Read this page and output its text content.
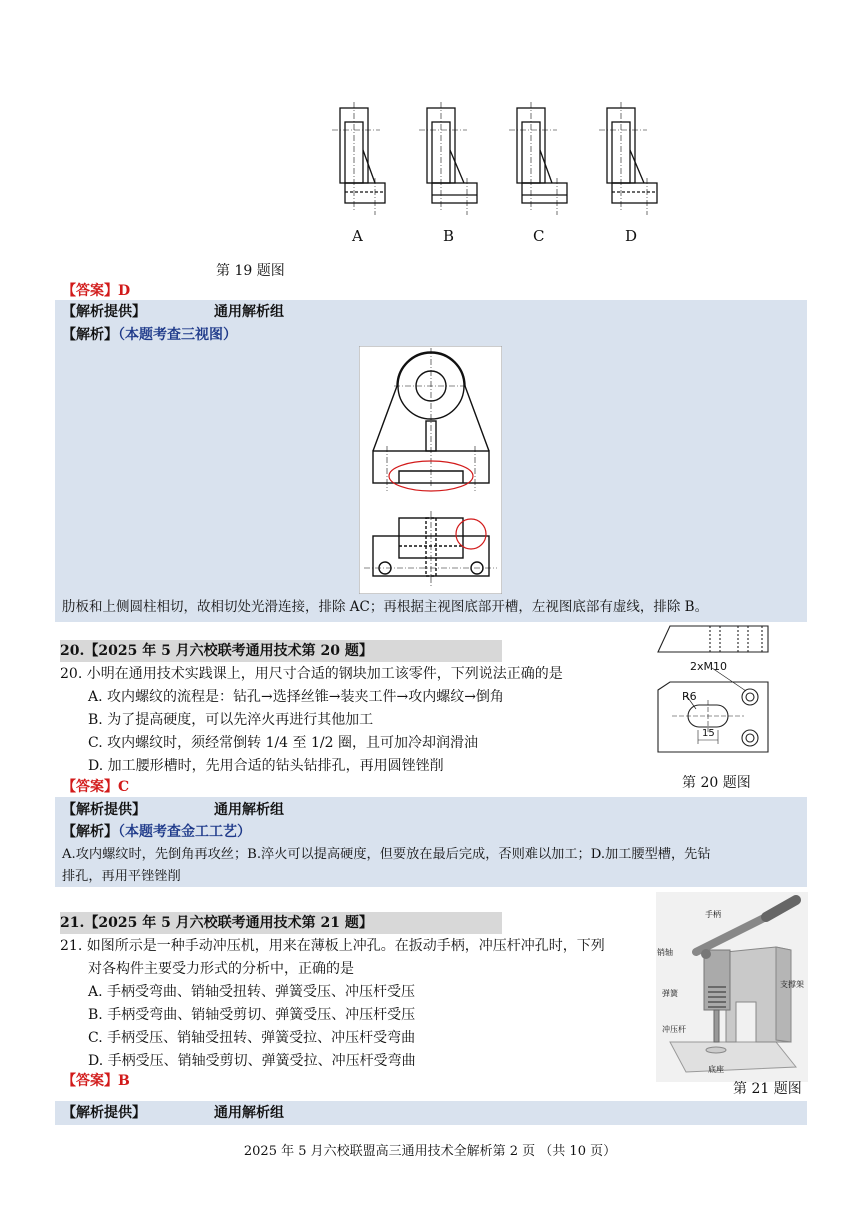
A	B	C	D
第 19 题图
【答案】D
【解析提供】	通用解析组
【解析】（本题考查三视图）
肋板和上侧圆柱相切，故相切处光滑连接，排除 AC；再根据主视图底部开槽，左视图底部有虚线，排除 B。
20.【2025 年 5 月六校联考通用技术第 20 题】
20. 小明在通用技术实践课上，用尺寸合适的钢块加工该零件，下列说法正确的是
A. 攻内螺纹的流程是：钻孔→选择丝锥→装夹工件→攻内螺纹→倒角
B. 为了提高硬度，可以先淬火再进行其他加工
C. 攻内螺纹时，须经常倒转 1/4 至 1/2 圈，且可加冷却润滑油
D. 加工腰形槽时，先用合适的钻头钻排孔，再用圆锉锉削
2xM10
R6
15
第 20 题图
【答案】C
【解析提供】	通用解析组
【解析】（本题考查金工工艺）
A.攻内螺纹时，先倒角再攻丝；B.淬火可以提高硬度，但要放在最后完成，否则难以加工；D.加工腰型槽，先钻
排孔，再用平锉锉削
21.【2025 年 5 月六校联考通用技术第 21 题】
21. 如图所示是一种手动冲压机，用来在薄板上冲孔。在扳动手柄，冲压杆冲孔时，下列
对各构件主要受力形式的分析中，正确的是
A. 手柄受弯曲、销轴受扭转、弹簧受压、冲压杆受压
B. 手柄受弯曲、销轴受剪切、弹簧受压、冲压杆受压
C. 手柄受压、销轴受扭转、弹簧受拉、冲压杆受弯曲
D. 手柄受压、销轴受剪切、弹簧受拉、冲压杆受弯曲
手柄
销轴
弹簧
支撑架
冲压杆
底座
第 21 题图
【答案】B
【解析提供】	通用解析组
2025 年 5 月六校联盟高三通用技术全解析第 2 页 （共 10 页）
